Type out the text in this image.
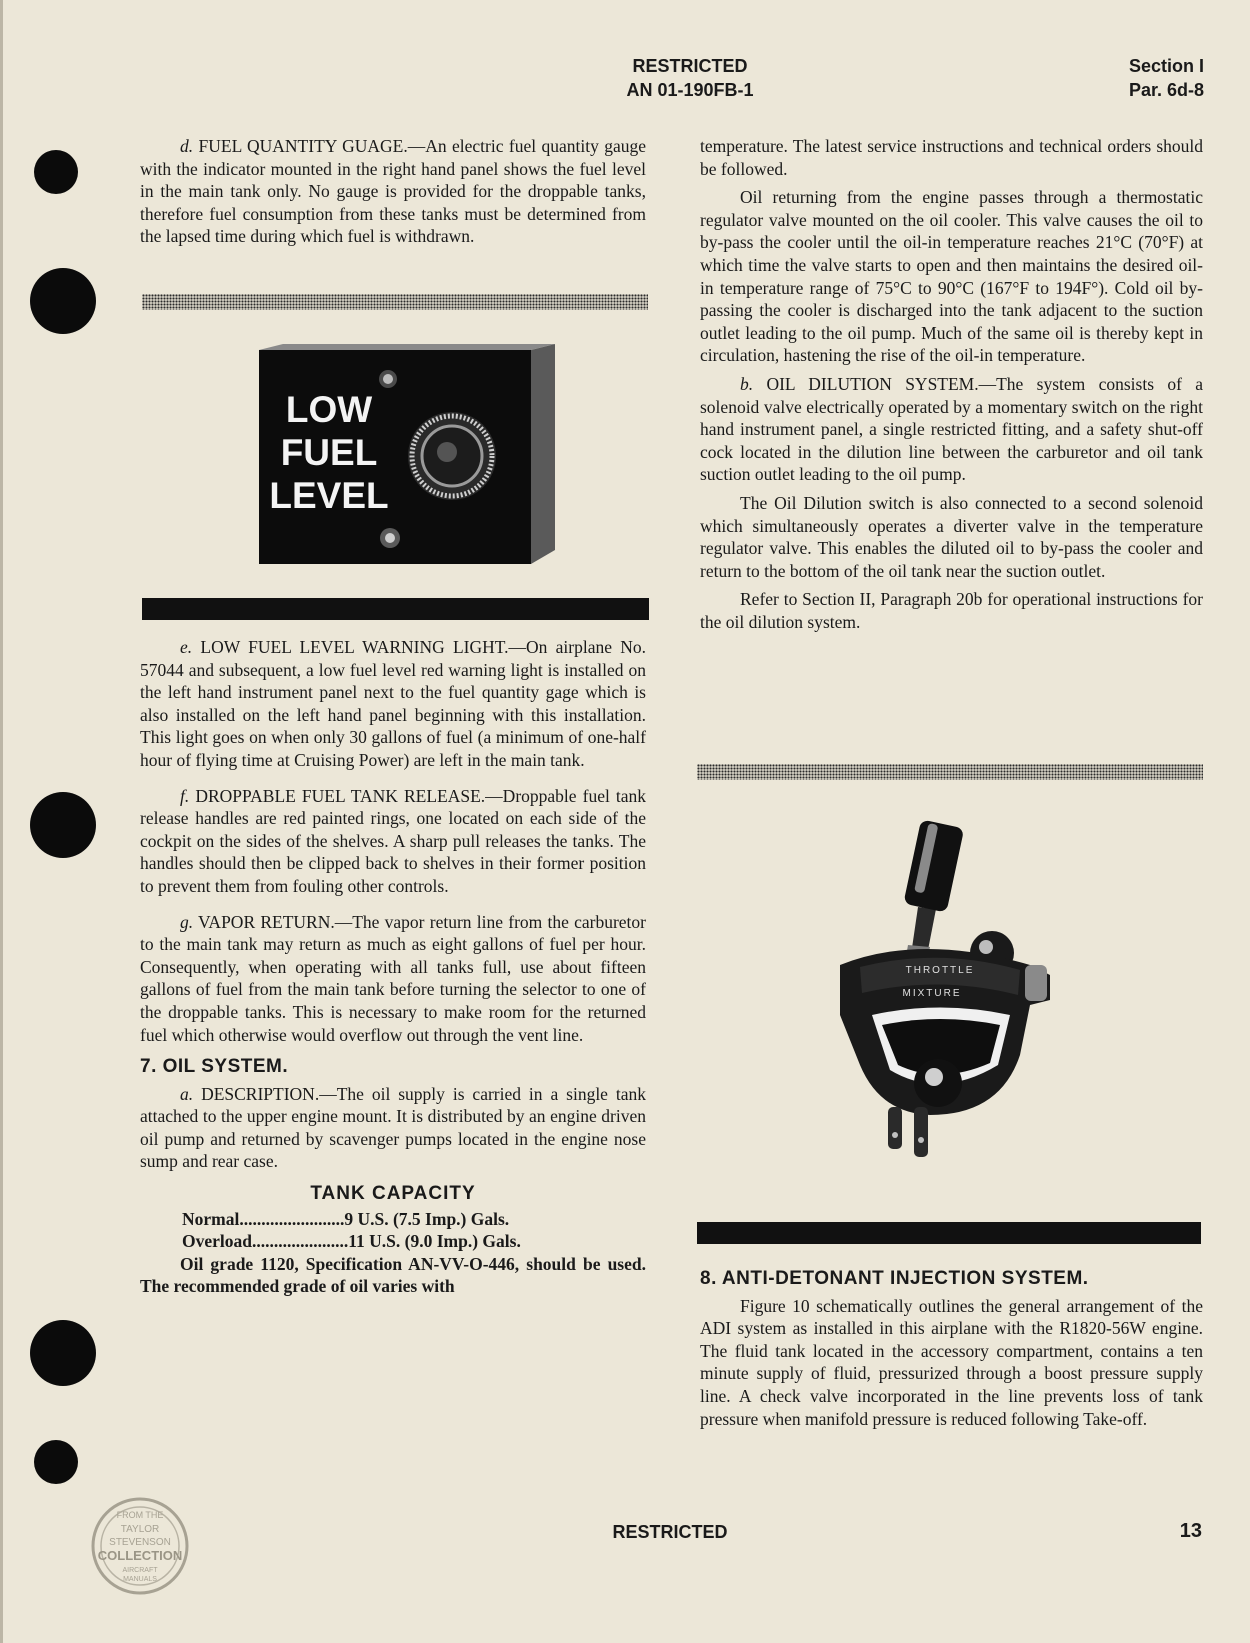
RESTRICTED
AN 01-190FB-1
Section I
Par. 6d-8

d. FUEL QUANTITY GUAGE.—An electric fuel quantity gauge with the indicator mounted in the right hand panel shows the fuel level in the main tank only. No gauge is provided for the droppable tanks, therefore fuel consumption from these tanks must be determined from the lapsed time during which fuel is withdrawn.

LOW
FUEL
LEVEL

e. LOW FUEL LEVEL WARNING LIGHT.—On airplane No. 57044 and subsequent, a low fuel level red warning light is installed on the left hand instrument panel next to the fuel quantity gage which is also installed on the left hand panel beginning with this installation. This light goes on when only 30 gallons of fuel (a minimum of one-half hour of flying time at Cruising Power) are left in the main tank.

f. DROPPABLE FUEL TANK RELEASE.—Droppable fuel tank release handles are red painted rings, one located on each side of the cockpit on the sides of the shelves. A sharp pull releases the tanks. The handles should then be clipped back to shelves in their former position to prevent them from fouling other controls.

g. VAPOR RETURN.—The vapor return line from the carburetor to the main tank may return as much as eight gallons of fuel per hour. Consequently, when operating with all tanks full, use about fifteen gallons of fuel from the main tank before turning the selector to one of the droppable tanks. This is necessary to make room for the returned fuel which otherwise would overflow out through the vent line.

7. OIL SYSTEM.

a. DESCRIPTION.—The oil supply is carried in a single tank attached to the upper engine mount. It is distributed by an engine driven oil pump and returned by scavenger pumps located in the engine nose sump and rear case.

TANK CAPACITY
Normal ........................ 9 U.S. (7.5 Imp.) Gals.
Overload ...................... 11 U.S. (9.0 Imp.) Gals.

Oil grade 1120, Specification AN-VV-O-446, should be used. The recommended grade of oil varies with

temperature. The latest service instructions and technical orders should be followed.

Oil returning from the engine passes through a thermostatic regulator valve mounted on the oil cooler. This valve causes the oil to by-pass the cooler until the oil-in temperature reaches 21°C (70°F) at which time the valve starts to open and then maintains the desired oil-in temperature range of 75°C to 90°C (167°F to 194F°). Cold oil by-passing the cooler is discharged into the tank adjacent to the suction outlet leading to the oil pump. Much of the same oil is thereby kept in circulation, hastening the rise of the oil-in temperature.

b. OIL DILUTION SYSTEM.—The system consists of a solenoid valve electrically operated by a momentary switch on the right hand instrument panel, a single restricted fitting, and a safety shut-off cock located in the dilution line between the carburetor and oil tank suction outlet leading to the oil pump.

The Oil Dilution switch is also connected to a second solenoid which simultaneously operates a diverter valve in the temperature regulator valve. This enables the diluted oil to by-pass the cooler and return to the bottom of the oil tank near the suction outlet.

Refer to Section II, Paragraph 20b for operational instructions for the oil dilution system.

THROTTLE
MIXTURE

8. ANTI-DETONANT INJECTION SYSTEM.

Figure 10 schematically outlines the general arrangement of the ADI system as installed in this airplane with the R1820-56W engine. The fluid tank located in the accessory compartment, contains a ten minute supply of fluid, pressurized through a boost pressure supply line. A check valve incorporated in the line prevents loss of tank pressure when manifold pressure is reduced following Take-off.

RESTRICTED	13
FROM THE
TAYLOR
STEVENSON
COLLECTION
AIRCRAFT
MANUALS
